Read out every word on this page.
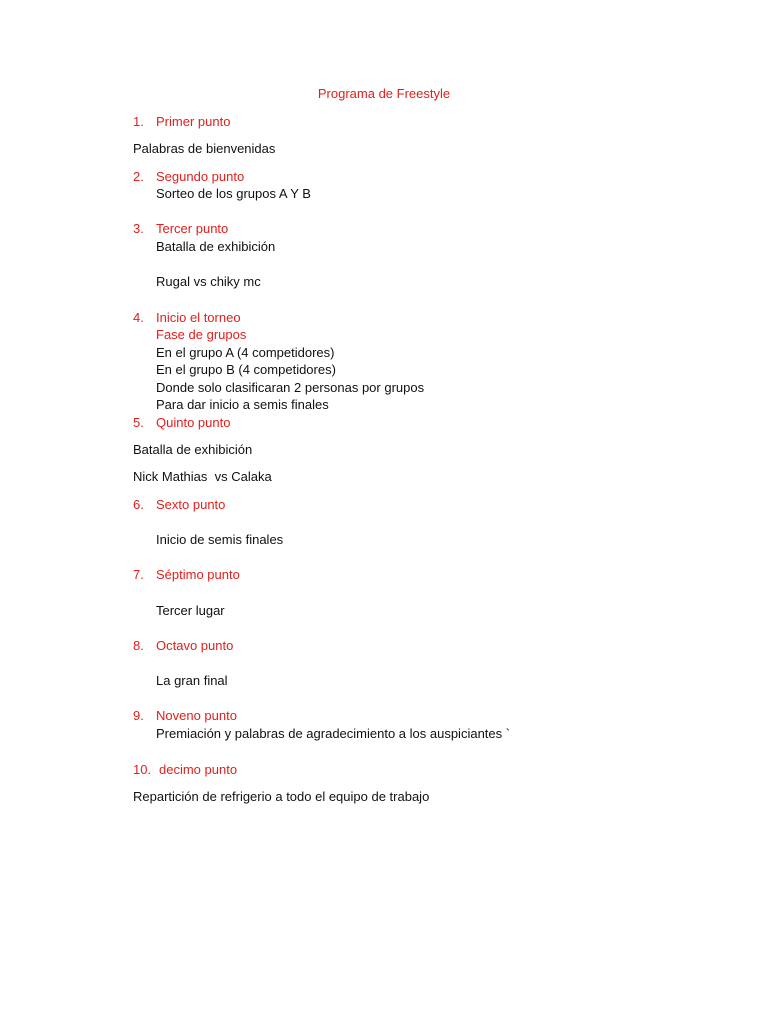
Programa de Freestyle
1. Primer punto
Palabras de bienvenidas
2. Segundo punto
Sorteo de los grupos A Y B
3. Tercer punto
Batalla de exhibición
Rugal vs chiky mc
4. Inicio el torneo
Fase de grupos
En el grupo A (4 competidores)
En el grupo B (4 competidores)
Donde solo clasificaran 2 personas por grupos
Para dar inicio a semis finales
5. Quinto punto
Batalla de exhibición
Nick Mathias  vs Calaka
6. Sexto punto
Inicio de semis finales
7. Séptimo punto
Tercer lugar
8. Octavo punto
La gran final
9. Noveno punto
Premiación y palabras de agradecimiento a los auspiciantes `
10. decimo punto
Repartición de refrigerio a todo el equipo de trabajo
